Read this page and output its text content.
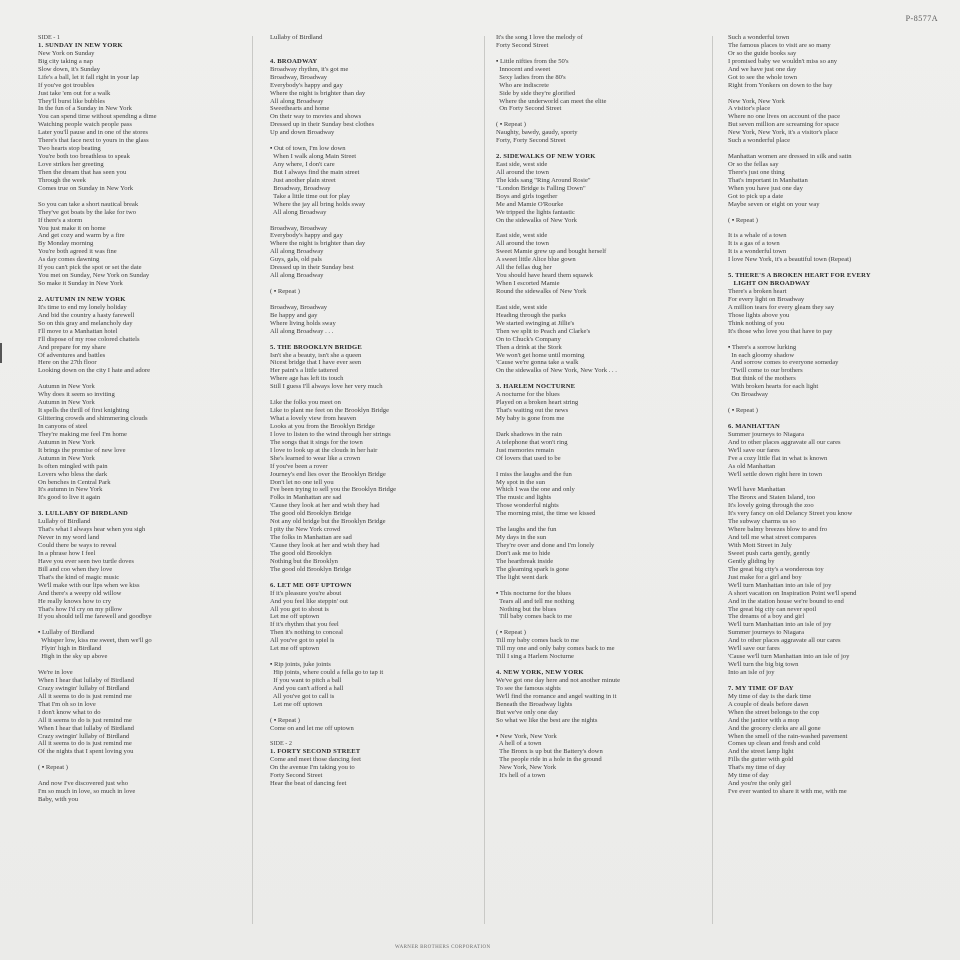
P-8577A
SIDE - 1
1. SUNDAY IN NEW YORK
New York on Sunday
Big city taking a nap
Slow down, it's Sunday
Life's a ball, let it fall right in your lap
If you've got troubles
Just take 'em out for a walk
They'll burst like bubbles
In the fun of a Sunday in New York
You can spend time without spending a dime
Watching people watch people pass
Later you'll pause and in one of the stores
There's that face next to yours in the glass
Two hearts stop beating
You're both too breathless to speak
Love strikes her greeting
Then the dream that has seen you
Through the week
Comes true on Sunday in New York
So you can take a short nautical break
They've got boats by the lake for two
If there's a storm
You just make it on home
And get cozy and warm by a fire
By Monday morning
You're both agreed it was fine
As day comes dawning
If you can't pick the spot or set the date
You met on Sunday, New York on Sunday
So make it Sunday in New York
2. AUTUMN IN NEW YORK
It's time to end my lonely holiday
And bid the country a hasty farewell
So on this gray and melancholy day
I'll move to a Manhattan hotel
I'll dispose of my rose colored chattels
And prepare for my share
Of adventures and battles
Here on the 27th floor
Looking down on the city I hate and adore
Autumn in New York
Why does it seem so inviting
Autumn in New York
It spells the thrill of first knighting
Glittering crowds and shimmering clouds
In canyons of steel
They're making me feel I'm home
Autumn in New York
It brings the promise of new love
Autumn in New York
Is often mingled with pain
Lovers who bless the dark
On benches in Central Park
It's autumn in New York
It's good to live it again
3. LULLABY OF BIRDLAND
Lullaby of Birdland
That's what I always hear when you sigh
Never in my word land
Could there be ways to reveal
In a phrase how I feel
Have you ever seen two turtle doves
Bill and coo when they love
That's the kind of magic music
We'll make with our lips when we kiss
And there's a weepy old willow
He really knows how to cry
That's how I'd cry on my pillow
If you should tell me farewell and goodbye
▪ Lullaby of Birdland
Whisper low, kiss me sweet, then we'll go
Flyin' high in Birdland
High in the sky up above
We're in love
When I hear that lullaby of Birdland
Crazy swingin' lullaby of Birdland
All it seems to do is just remind me
That I'm oh so in love
I don't know what to do
All it seems to do is just remind me
When I hear that lullaby of Birdland
Crazy swingin' lullaby of Birdland
All it seems to do is just remind me
Of the nights that I spent loving you
( ▪ Repeat )
And now I've discovered just who
I'm so much in love, so much in love
Baby, with you
Lullaby of Birdland
4. BROADWAY
Broadway rhythm, it's got me
Broadway, Broadway
Everybody's happy and gay
Where the night is brighter than day
All along Broadway
Sweethearts and home
On their way to movies and shows
Dressed up in their Sunday best clothes
Up and down Broadway
▪ Out of town, I'm low down
When I walk along Main Street
Any where, I don't care
But I always find the main street
Just another plain street
Broadway, Broadway
Take a little time out for play
Where the jay all bring holds sway
All along Broadway
Broadway, Broadway
Everybody's happy and gay
Where the night is brighter than day
All along Broadway
Guys, gals, old pals
Dressed up in their Sunday best
All along Broadway
( ▪ Repeat )
Broadway, Broadway
Be happy and gay
Where living holds sway
All along Broadway . . .
5. THE BROOKLYN BRIDGE
Isn't she a beauty, isn't she a queen
Nicest bridge that I have ever seen
Her paint's a little tattered
Where age has left its touch
Still I guess I'll always love her very much
Like the folks you meet on
Like to plant me feet on the Brooklyn Bridge
What a lovely view from heaven
Looks at you from the Brooklyn Bridge
I love to listen to the wind through her strings
The songs that it sings for the town
I love to look up at the clouds in her hair
She's learned to wear like a crown
If you've been a rover
Journey's end lies over the Brooklyn Bridge
Don't let no one tell you
I've been trying to sell you the Brooklyn Bridge
Folks in Manhattan are sad
'Cause they look at her and wish they had
The good old Brooklyn Bridge
Not any old bridge but the Brooklyn Bridge
I pity the New York crowd
The folks in Manhattan are sad
'Cause they look at her and wish they had
The good old Brooklyn
Nothing but the Brooklyn
The good old Brooklyn Bridge
6. LET ME OFF UPTOWN
If it's pleasure you're about
And you feel like steppin' out
All you got to shout is
Let me off uptown
If it's rhythm that you feel
Then it's nothing to conceal
All you've got to spiel is
Let me off uptown
▪ Rip joints, juke joints
Hip joints, where could a fella go to tap it
If you want to pitch a ball
And you can't afford a hall
All you've got to call is
Let me off uptown
( ▪ Repeat )
Come on and let me off uptown
SIDE - 2
1. FORTY SECOND STREET
Come and meet those dancing feet
On the avenue I'm taking you to
Forty Second Street
Hear the beat of dancing feet
It's the song I love the melody of
Forty Second Street
▪ Little nifties from the 50's
Innocent and sweet
Sexy ladies from the 80's
Who are indiscrete
Side by side they're glorified
Where the underworld can meet the elite
On Forty Second Street
( ▪ Repeat )
Naughty, bawdy, gaudy, sporty
Forty, Forty Second Street
2. SIDEWALKS OF NEW YORK
East side, west side
All around the town
The kids sang "Ring Around Rosie"
"London Bridge is Falling Down"
Boys and girls together
Me and Mamie O'Rourke
We tripped the lights fantastic
On the sidewalks of New York
East side, west side
All around the town
Sweet Mamie grew up and bought herself
A sweet little Alice blue gown
All the fellas dug her
You should have heard them squawk
When I escorted Mamie
Round the sidewalks of New York
East side, west side
Heading through the parks
We started swinging at Jillie's
Then we split to Peach and Clarke's
On to Chuck's Company
Then a drink at the Stork
We won't get home until morning
'Cause we're gonna take a walk
On the sidewalks of New York, New York . . .
3. HARLEM NOCTURNE
A nocturne for the blues
Played on a broken heart string
That's waiting out the news
My baby is gone from me
Dark shadows in the rain
A telephone that won't ring
Just memories remain
Of lovers that used to be
I miss the laughs and the fun
My spot in the sun
Which I was the one and only
The music and lights
Those wonderful nights
The morning mist, the time we kissed
The laughs and the fun
My days in the sun
They're over and done and I'm lonely
Don't ask me to hide
The heartbreak inside
The gleaming spark is gone
The light went dark
▪ This nocturne for the blues
Tears all and tell me nothing
Nothing but the blues
Till baby comes back to me
( ▪ Repeat )
Till my baby comes back to me
Till my one and only baby comes back to me
Till I sing a Harlem Nocturne
4. NEW YORK, NEW YORK
We've got one day here and not another minute
To see the famous sights
We'll find the romance and angel waiting in it
Beneath the Broadway lights
But we've only one day
So what we like the best are the nights
▪ New York, New York
A hell of a town
The Bronx is up but the Battery's down
The people ride in a hole in the ground
New York, New York
It's hell of a town
Such a wonderful town
The famous places to visit are so many
Or so the guide books say
I promised baby we wouldn't miss so any
And we have just one day
Got to see the whole town
Right from Yonkers on down to the bay
New York, New York
A visitor's place
Where no one lives on account of the pace
But seven million are screaming for space
New York, New York, it's a visitor's place
Such a wonderful place
Manhattan women are dressed in silk and satin
Or so the fellas say
There's just one thing
That's important in Manhattan
When you have just one day
Got to pick up a date
Maybe seven or eight on your way
( ▪ Repeat )
It is a whale of a town
It is a gas of a town
It is a wonderful town
I love New York, it's a beautiful town (Repeat)
5. THERE'S A BROKEN HEART FOR EVERY
LIGHT ON BROADWAY
There's a broken heart
For every light on Broadway
A million tears for every gleam they say
Those lights above you
Think nothing of you
It's those who love you that have to pay
▪ There's a sorrow lurking
In each gloomy shadow
And sorrow comes to everyone someday
'Twill come to our brothers
But think of the mothers
With broken hearts for each light
On Broadway
( ▪ Repeat )
6. MANHATTAN
Summer journeys to Niagara
And to other places aggravate all our cares
We'll save our fares
I've a cozy little flat in what is known
As old Manhattan
We'll settle down right here in town
We'll have Manhattan
The Bronx and Staten Island, too
It's lovely going through the zoo
It's very fancy on old Delancy Street you know
The subway charms us so
Where balmy breezes blow to and fro
And tell me what street compares
With Mott Street in July
Sweet push carts gently, gently
Gently gliding by
The great big city's a wonderous toy
Just make for a girl and boy
We'll turn Manhattan into an isle of joy
A short vacation on Inspiration Point we'll spend
And in the station house we're bound to end
The great big city can never spoil
The dreams of a boy and girl
We'll turn Manhattan into an isle of joy
Summer journeys to Niagara
And to other places aggravate all our cares
We'll save our fares
'Cause we'll turn Manhattan into an isle of joy
We'll turn the big big town
Into an isle of joy
7. MY TIME OF DAY
My time of day is the dark time
A couple of deals before dawn
When the street belongs to the cop
And the janitor with a mop
And the grocery clerks are all gone
When the smell of the rain-washed pavement
Comes up clean and fresh and cold
And the street lamp light
Fills the gutter with gold
That's my time of day
My time of day
And you're the only girl
I've ever wanted to share it with me, with me
WARNER BROTHERS CORPORATION
